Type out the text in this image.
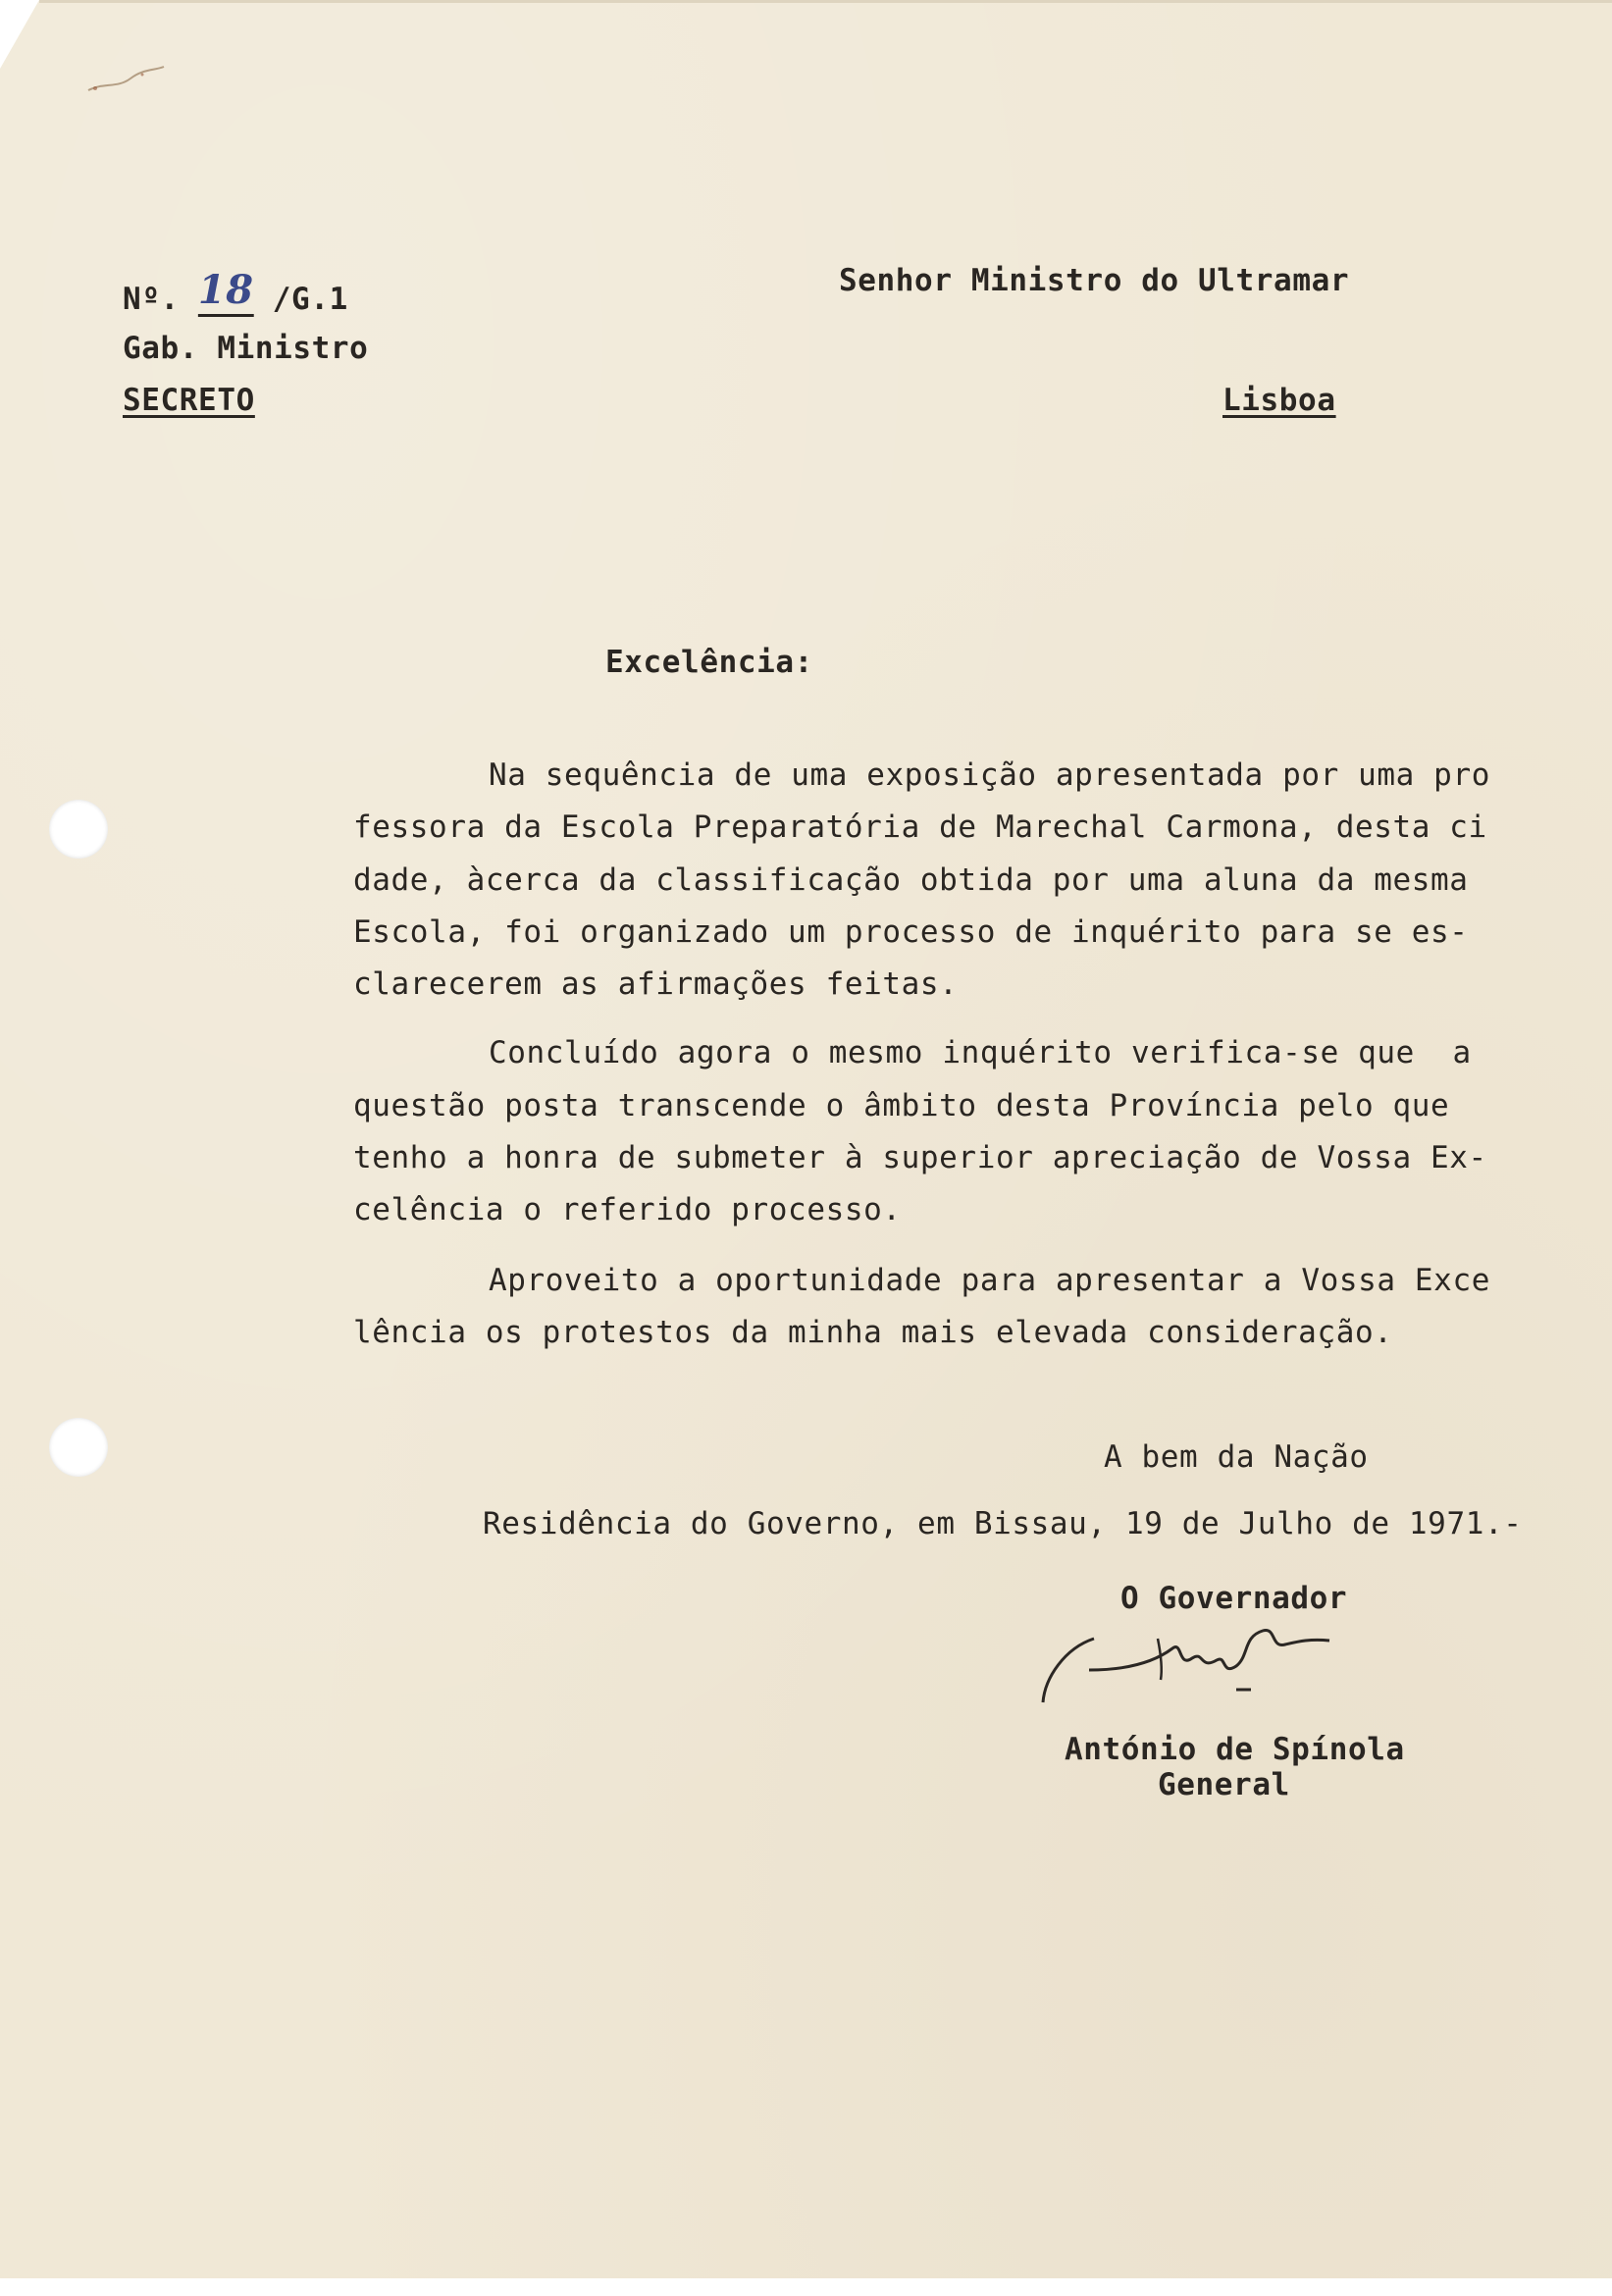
Nº. 18 /G.1
Gab. Ministro
SECRETO
Senhor Ministro do Ultramar
Lisboa
Excelência:
Na sequência de uma exposição apresentada por uma pro
fessora da Escola Preparatória de Marechal Carmona, desta ci
dade, àcerca da classificação obtida por uma aluna da mesma
Escola, foi organizado um processo de inquérito para se es-
clarecerem as afirmações feitas.
Concluído agora o mesmo inquérito verifica-se que  a
questão posta transcende o âmbito desta Província pelo que
tenho a honra de submeter à superior apreciação de Vossa Ex-
celência o referido processo.
Aproveito a oportunidade para apresentar a Vossa Exce
lência os protestos da minha mais elevada consideração.
A bem da Nação
Residência do Governo, em Bissau, 19 de Julho de 1971.-
O Governador
António de Spínola
General
